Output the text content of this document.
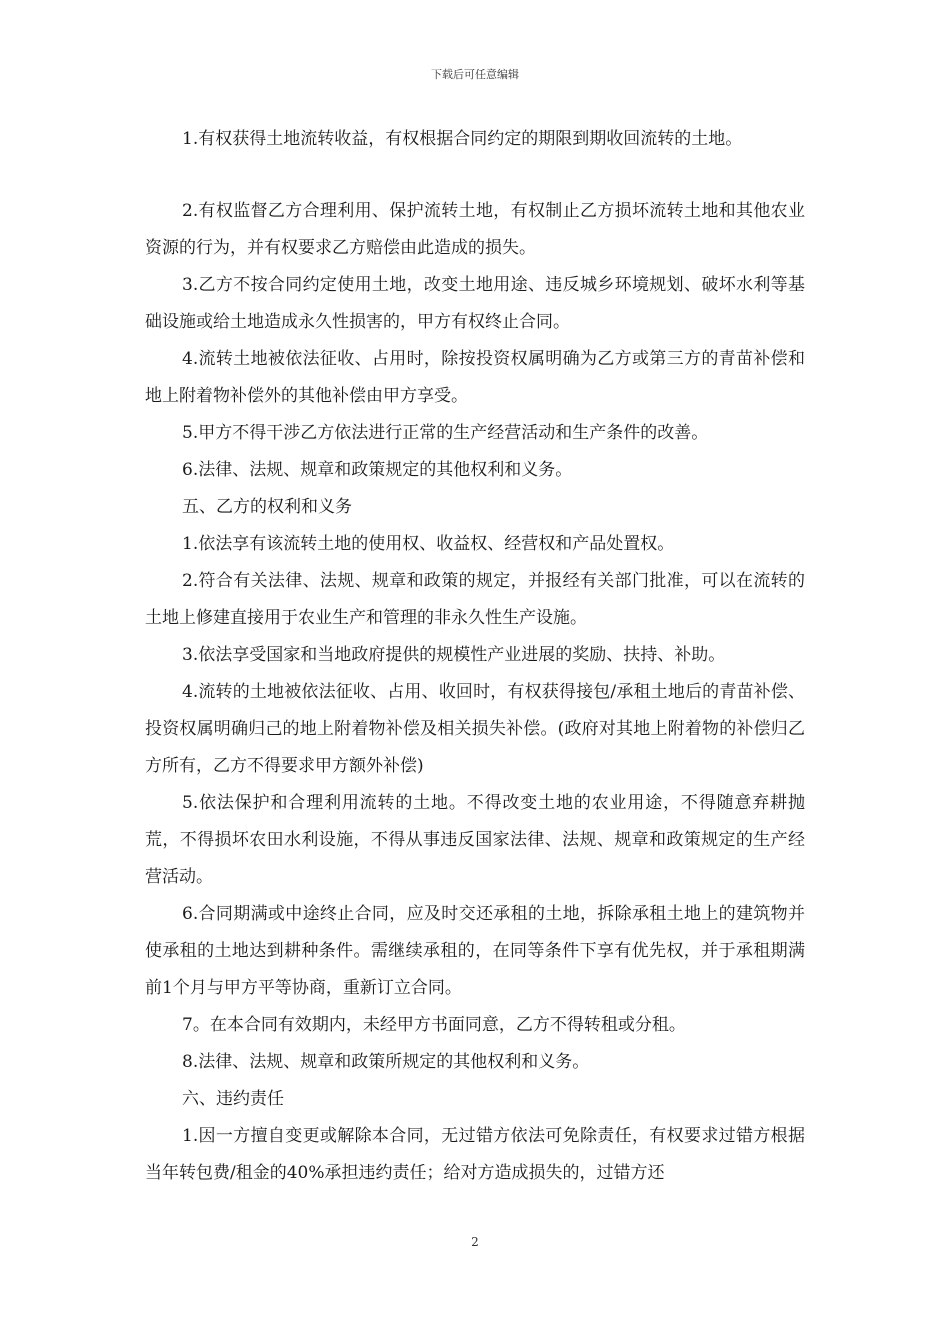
下载后可任意编辑

1.有权获得土地流转收益，有权根据合同约定的期限到期收回流转的土地。

2.有权监督乙方合理利用、保护流转土地，有权制止乙方损坏流转土地和其他农业资源的行为，并有权要求乙方赔偿由此造成的损失。

3.乙方不按合同约定使用土地，改变土地用途、违反城乡环境规划、破坏水利等基础设施或给土地造成永久性损害的，甲方有权终止合同。

4.流转土地被依法征收、占用时，除按投资权属明确为乙方或第三方的青苗补偿和地上附着物补偿外的其他补偿由甲方享受。

5.甲方不得干涉乙方依法进行正常的生产经营活动和生产条件的改善。

6.法律、法规、规章和政策规定的其他权利和义务。

五、乙方的权利和义务

1.依法享有该流转土地的使用权、收益权、经营权和产品处置权。

2.符合有关法律、法规、规章和政策的规定，并报经有关部门批准，可以在流转的土地上修建直接用于农业生产和管理的非永久性生产设施。

3.依法享受国家和当地政府提供的规模性产业进展的奖励、扶持、补助。

4.流转的土地被依法征收、占用、收回时，有权获得接包/承租土地后的青苗补偿、投资权属明确归己的地上附着物补偿及相关损失补偿。(政府对其地上附着物的补偿归乙方所有，乙方不得要求甲方额外补偿)

5.依法保护和合理利用流转的土地。不得改变土地的农业用途，不得随意弃耕抛荒，不得损坏农田水利设施，不得从事违反国家法律、法规、规章和政策规定的生产经营活动。

6.合同期满或中途终止合同，应及时交还承租的土地，拆除承租土地上的建筑物并使承租的土地达到耕种条件。需继续承租的，在同等条件下享有优先权，并于承租期满前1个月与甲方平等协商，重新订立合同。

7。在本合同有效期内，未经甲方书面同意，乙方不得转租或分租。

8.法律、法规、规章和政策所规定的其他权利和义务。

六、违约责任

1.因一方擅自变更或解除本合同，无过错方依法可免除责任，有权要求过错方根据当年转包费/租金的40%承担违约责任；给对方造成损失的，过错方还

2
